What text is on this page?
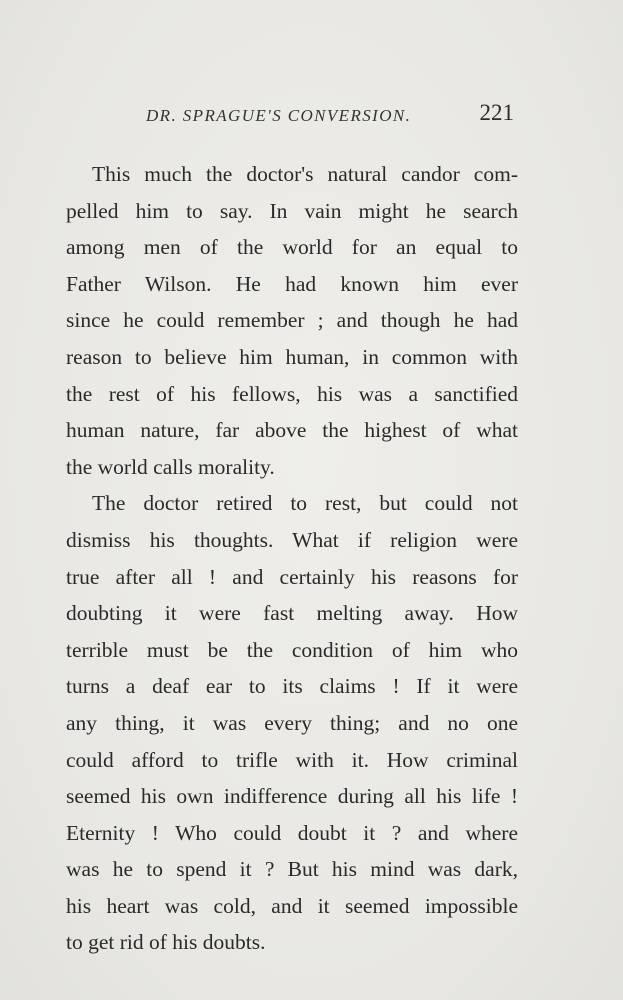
DR. SPRAGUE'S CONVERSION.	221

This much the doctor's natural candor com-
pelled him to say. In vain might he search
among men of the world for an equal to
Father Wilson. He had known him ever
since he could remember ; and though he had
reason to believe him human, in common with
the rest of his fellows, his was a sanctified
human nature, far above the highest of what
the world calls morality.

The doctor retired to rest, but could not
dismiss his thoughts. What if religion were
true after all ! and certainly his reasons for
doubting it were fast melting away. How
terrible must be the condition of him who
turns a deaf ear to its claims ! If it were
any thing, it was every thing; and no one
could afford to trifle with it. How criminal
seemed his own indifference during all his life !
Eternity ! Who could doubt it ? and where
was he to spend it ? But his mind was dark,
his heart was cold, and it seemed impossible
to get rid of his doubts.
